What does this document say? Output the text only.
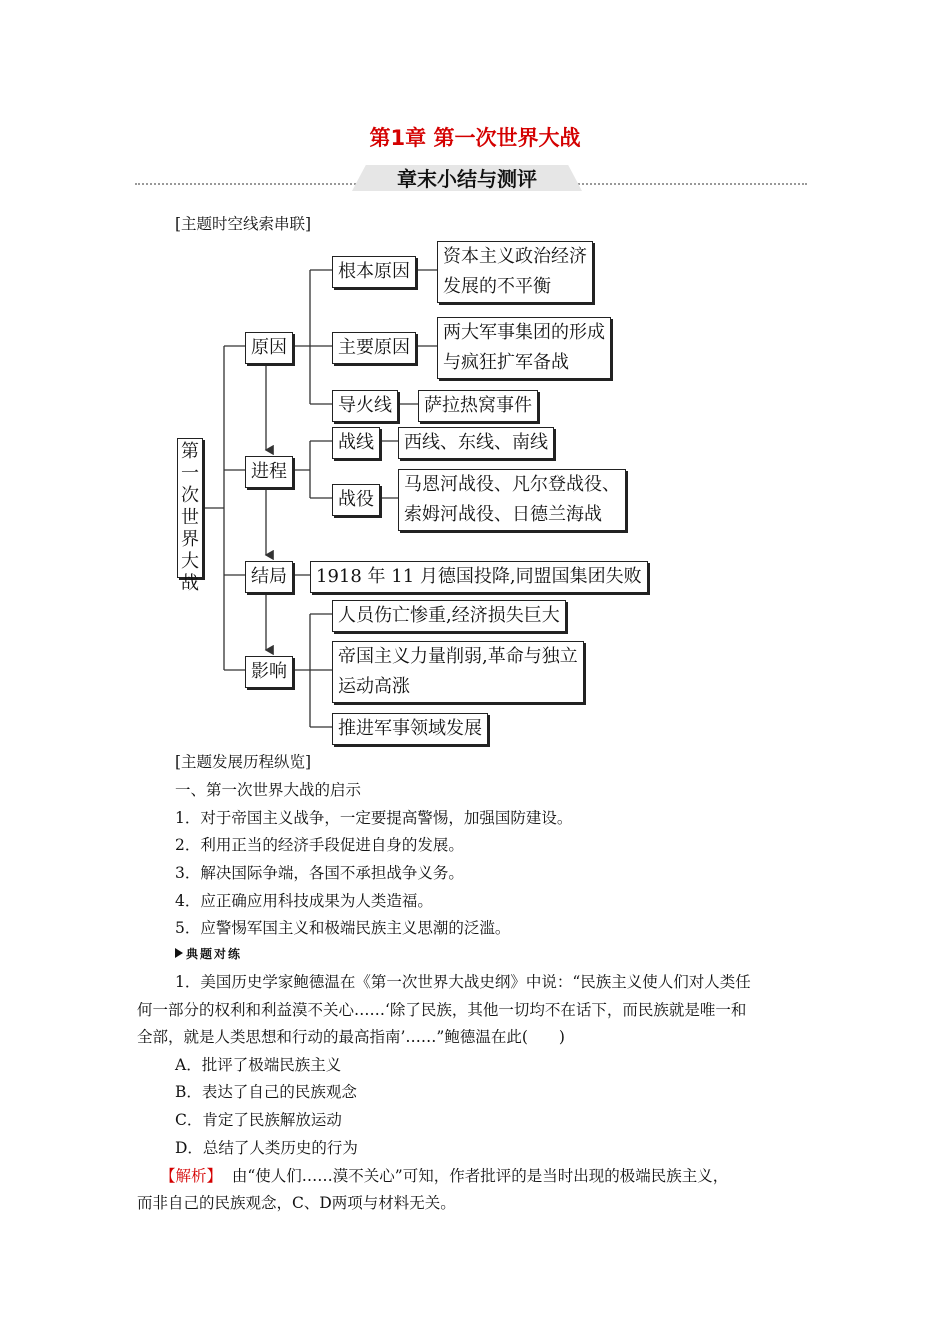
第1章 第一次世界大战
章末小结与测评
[主题时空线索串联]
第一次世界大战
原因
进程
结局
影响
根本原因
资本主义政治经济
发展的不平衡
主要原因
两大军事集团的形成
与疯狂扩军备战
导火线	萨拉热窝事件
战线	西线、东线、南线
战役
马恩河战役、凡尔登战役、
索姆河战役、日德兰海战
1918 年 11 月德国投降,同盟国集团失败
人员伤亡惨重,经济损失巨大
帝国主义力量削弱,革命与独立
运动高涨
推进军事领域发展
[主题发展历程纵览]
一、第一次世界大战的启示
1．对于帝国主义战争，一定要提高警惕，加强国防建设。
2．利用正当的经济手段促进自身的发展。
3．解决国际争端，各国不承担战争义务。
4．应正确应用科技成果为人类造福。
5．应警惕军国主义和极端民族主义思潮的泛滥。
典题对练
1．美国历史学家鲍德温在《第一次世界大战史纲》中说：“民族主义使人们对人类任
何一部分的权利和利益漠不关心……‘除了民族，其他一切均不在话下，而民族就是唯一和
全部，就是人类思想和行动的最高指南’……”鲍德温在此(　　)
A．批评了极端民族主义
B．表达了自己的民族观念
C．肯定了民族解放运动
D．总结了人类历史的行为
【解析】 由“使人们……漠不关心”可知，作者批评的是当时出现的极端民族主义，
而非自己的民族观念，C、D两项与材料无关。
